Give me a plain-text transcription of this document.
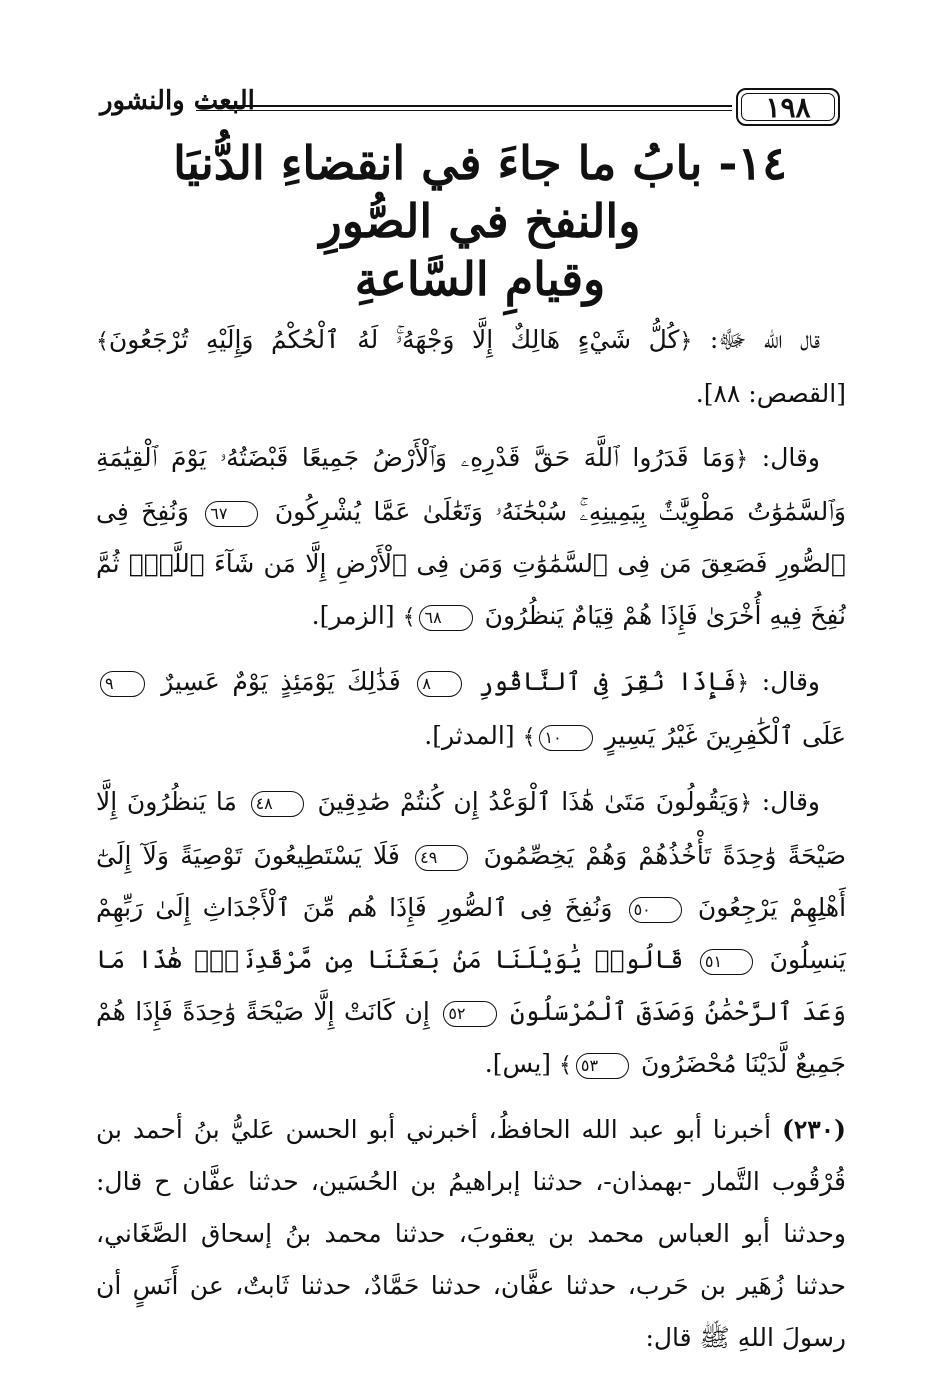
١٩٨
البعث والنشور
١٤- بابُ ما جاءَ في انقضاءِ الدُّنيَا
والنفخ في الصُّورِ
وقيامِ السَّاعةِ

قال الله ﷻ: ﴿كُلُّ شَيْءٍ هَالِكٌ إِلَّا وَجْهَهُۥۚ لَهُ ٱلْحُكْمُ وَإِلَيْهِ تُرْجَعُونَ﴾ [القصص: ٨٨].

وقال: ﴿وَمَا قَدَرُوا ٱللَّهَ حَقَّ قَدْرِهِۦ وَٱلْأَرْضُ جَمِيعًا قَبْضَتُهُۥ يَوْمَ ٱلْقِيَٰمَةِ وَٱلسَّمَٰوَٰتُ مَطْوِيَّٰتٌۢ بِيَمِينِهِۦۚ سُبْحَٰنَهُۥ وَتَعَٰلَىٰ عَمَّا يُشْرِكُونَ ٦٧ وَنُفِخَ فِى ٱلصُّورِ فَصَعِقَ مَن فِى ٱلسَّمَٰوَٰتِ وَمَن فِى ٱلْأَرْضِ إِلَّا مَن شَآءَ ٱللَّهُۖ ثُمَّ نُفِخَ فِيهِ أُخْرَىٰ فَإِذَا هُمْ قِيَامٌ يَنظُرُونَ ٦٨﴾ [الزمر].

وقال: ﴿فَإِذَا نُقِرَ فِى ٱلنَّاقُورِ ٨ فَذَٰلِكَ يَوْمَئِذٍ يَوْمٌ عَسِيرٌ ٩ عَلَى ٱلْكَٰفِرِينَ غَيْرُ يَسِيرٍ ١٠﴾ [المدثر].

وقال: ﴿وَيَقُولُونَ مَتَىٰ هَٰذَا ٱلْوَعْدُ إِن كُنتُمْ صَٰدِقِينَ ٤٨ مَا يَنظُرُونَ إِلَّا صَيْحَةً وَٰحِدَةً تَأْخُذُهُمْ وَهُمْ يَخِصِّمُونَ ٤٩ فَلَا يَسْتَطِيعُونَ تَوْصِيَةً وَلَآ إِلَىٰٓ أَهْلِهِمْ يَرْجِعُونَ ٥٠ وَنُفِخَ فِى ٱلصُّورِ فَإِذَا هُم مِّنَ ٱلْأَجْدَاثِ إِلَىٰ رَبِّهِمْ يَنسِلُونَ ٥١ قَالُوا۟ يَٰوَيْلَنَا مَنۢ بَعَثَنَا مِن مَّرْقَدِنَاۜۗ هَٰذَا مَا وَعَدَ ٱلرَّحْمَٰنُ وَصَدَقَ ٱلْمُرْسَلُونَ ٥٢ إِن كَانَتْ إِلَّا صَيْحَةً وَٰحِدَةً فَإِذَا هُمْ جَمِيعٌ لَّدَيْنَا مُحْضَرُونَ ٥٣﴾ [يس].

(٢٣٠) أخبرنا أبو عبد الله الحافظُ، أخبرني أبو الحسن عَليُّ بنُ أحمد بن قُرْقُوب التَّمار -بهمذان-، حدثنا إبراهيمُ بن الحُسَين، حدثنا عفَّان ح قال: وحدثنا أبو العباس محمد بن يعقوبَ، حدثنا محمد بنُ إسحاق الصَّغَاني، حدثنا زُهَير بن حَرب، حدثنا عفَّان، حدثنا حَمَّادٌ، حدثنا ثَابتٌ، عن أَنَسٍ أن رسولَ اللهِ ﷺ قال:
